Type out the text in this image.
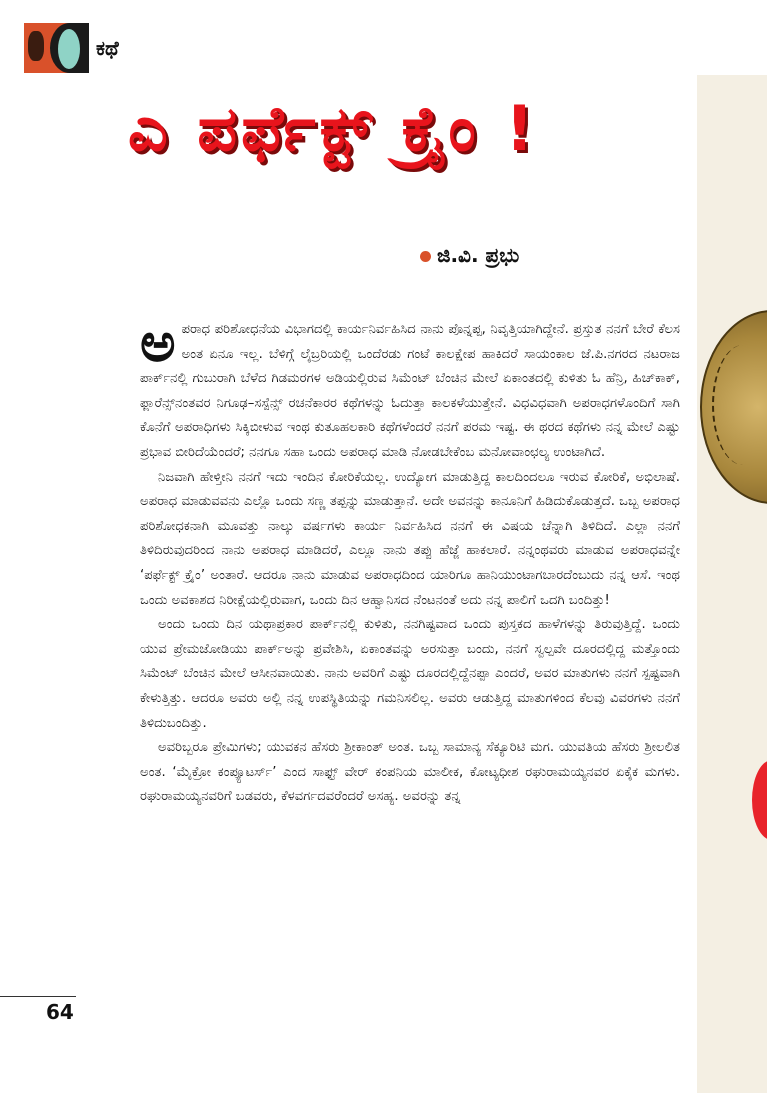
ಕಥೆ
ಎ ಪರ್ಫೆಕ್ಟ್ ಕ್ರೈಂ !
ಜಿ.ವಿ. ಪ್ರಭು

ಅಪರಾಧ ಪರಿಶೋಧನೆಯ ವಿಭಾಗದಲ್ಲಿ ಕಾರ್ಯನಿರ್ವಹಿಸಿದ ನಾನು ಪೊನ್ನಪ್ಪ, ನಿವೃತ್ತಿಯಾಗಿದ್ದೇನೆ. ಪ್ರಸ್ತುತ ನನಗೆ ಬೇರೆ ಕೆಲಸ ಅಂತ ಏನೂ ಇಲ್ಲ. ಬೆಳಿಗ್ಗೆ ಲೈಬ್ರರಿಯಲ್ಲಿ ಒಂದೆರಡು ಗಂಟೆ ಕಾಲಕ್ಷೇಪ ಹಾಕಿದರೆ ಸಾಯಂಕಾಲ ಜೆ.ಪಿ.ನಗರದ ನಟರಾಜ ಪಾರ್ಕ್‌ನಲ್ಲಿ ಗುಬುರಾಗಿ ಬೆಳೆದ ಗಿಡಮರಗಳ ಅಡಿಯಲ್ಲಿರುವ ಸಿಮೆಂಟ್ ಬೆಂಚಿನ ಮೇಲೆ ಏಕಾಂತದಲ್ಲಿ ಕುಳಿತು ಓ ಹೆನ್ರಿ, ಹಿಚ್‌ಕಾಕ್, ಫ್ಲಾರೆನ್ಸ್‌ನಂತವರ ನಿಗೂಢ–ಸಸ್ಪೆನ್ಸ್ ರಚನೆಕಾರರ ಕಥೆಗಳನ್ನು ಓದುತ್ತಾ ಕಾಲಕಳೆಯುತ್ತೇನೆ. ವಿಧವಿಧವಾಗಿ ಅಪರಾಧಗಳೊಂದಿಗೆ ಸಾಗಿ ಕೊನೆಗೆ ಅಪರಾಧಿಗಳು ಸಿಕ್ಕಿಬೀಳುವ ಇಂಥ ಕುತೂಹಲಕಾರಿ ಕಥೆಗಳೆಂದರೆ ನನಗೆ ಪರಮ ಇಷ್ಟ. ಈ ಥರದ ಕಥೆಗಳು ನನ್ನ ಮೇಲೆ ಎಷ್ಟು ಪ್ರಭಾವ ಬೀರಿದೆಯೆಂದರೆ; ನನಗೂ ಸಹಾ ಒಂದು ಅಪರಾಧ ಮಾಡಿ ನೋಡಬೇಕೆಂಬ ಮನೋವಾಂಛಲ್ಯ ಉಂಟಾಗಿದೆ.

ನಿಜವಾಗಿ ಹೇಳ್ತೀನಿ ನನಗೆ ಇದು ಇಂದಿನ ಕೋರಿಕೆಯಲ್ಲ. ಉದ್ಯೋಗ ಮಾಡುತ್ತಿದ್ದ ಕಾಲದಿಂದಲೂ ಇರುವ ಕೋರಿಕೆ, ಅಭಿಲಾಷೆ. ಅಪರಾಧ ಮಾಡುವವನು ಎಲ್ಲೊ ಒಂದು ಸಣ್ಣ ತಪ್ಪನ್ನು ಮಾಡುತ್ತಾನೆ. ಅದೇ ಅವನನ್ನು ಕಾನೂನಿಗೆ ಹಿಡಿದುಕೊಡುತ್ತದೆ. ಒಬ್ಬ ಅಪರಾಧ ಪರಿಶೋಧಕನಾಗಿ ಮೂವತ್ತು ನಾಲ್ಕು ವರ್ಷಗಳು ಕಾರ್ಯ ನಿರ್ವಹಿಸಿದ ನನಗೆ ಈ ವಿಷಯ ಚೆನ್ನಾಗಿ ತಿಳಿದಿದೆ. ಎಲ್ಲಾ ನನಗೆ ತಿಳಿದಿರುವುದರಿಂದ ನಾನು ಅಪರಾಧ ಮಾಡಿದರೆ, ಎಲ್ಲೂ ನಾನು ತಪ್ಪು ಹೆಜ್ಜೆ ಹಾಕಲಾರೆ. ನನ್ನಂಥವರು ಮಾಡುವ ಅಪರಾಧವನ್ನೇ ‘ಪರ್ಫೆಕ್ಟ್ ಕ್ರೈಂ’ ಅಂತಾರೆ. ಆದರೂ ನಾನು ಮಾಡುವ ಅಪರಾಧದಿಂದ ಯಾರಿಗೂ ಹಾನಿಯುಂಟಾಗಬಾರದೆಂಬುದು ನನ್ನ ಆಸೆ. ಇಂಥ ಒಂದು ಅವಕಾಶದ ನಿರೀಕ್ಷೆಯಲ್ಲಿರುವಾಗ, ಒಂದು ದಿನ ಆಹ್ವಾನಿಸದ ನೆಂಟನಂತೆ ಅದು ನನ್ನ ಪಾಲಿಗೆ ಒದಗಿ ಬಂದಿತ್ತು!

ಅಂದು ಒಂದು ದಿನ ಯಥಾಪ್ರಕಾರ ಪಾರ್ಕ್‌ನಲ್ಲಿ ಕುಳಿತು, ನನಗಿಷ್ಟವಾದ ಒಂದು ಪುಸ್ತಕದ ಹಾಳೆಗಳನ್ನು ತಿರುವುತ್ತಿದ್ದೆ. ಒಂದು ಯುವ ಪ್ರೇಮಜೋಡಿಯು ಪಾರ್ಕ್‌ಅನ್ನು ಪ್ರವೇಶಿಸಿ, ಏಕಾಂತವನ್ನು ಅರಸುತ್ತಾ ಬಂದು, ನನಗೆ ಸ್ವಲ್ಪವೇ ದೂರದಲ್ಲಿದ್ದ ಮತ್ತೊಂದು ಸಿಮೆಂಟ್ ಬೆಂಚಿನ ಮೇಲೆ ಆಸೀನವಾಯಿತು. ನಾನು ಅವರಿಗೆ ಎಷ್ಟು ದೂರದಲ್ಲಿದ್ದೆನಪ್ಪಾ ಎಂದರೆ, ಅವರ ಮಾತುಗಳು ನನಗೆ ಸ್ಪಷ್ಟವಾಗಿ ಕೇಳುತ್ತಿತ್ತು. ಆದರೂ ಅವರು ಅಲ್ಲಿ ನನ್ನ ಉಪಸ್ಥಿತಿಯನ್ನು ಗಮನಿಸಲಿಲ್ಲ. ಅವರು ಆಡುತ್ತಿದ್ದ ಮಾತುಗಳಿಂದ ಕೆಲವು ವಿವರಗಳು ನನಗೆ ತಿಳಿದುಬಂದಿತ್ತು.

ಅವರಿಬ್ಬರೂ ಪ್ರೇಮಿಗಳು; ಯುವಕನ ಹೆಸರು ಶ್ರೀಕಾಂತ್ ಅಂತ. ಒಬ್ಬ ಸಾಮಾನ್ಯ ಸೆಕ್ಯೂರಿಟಿ ಮಗ. ಯುವತಿಯ ಹೆಸರು ಶ್ರೀಲಲಿತ ಅಂತ. ‘ಮೈಕ್ರೋ ಕಂಪ್ಯೂಟರ್ಸ್’ ಎಂದ ಸಾಫ್ಟ್ ವೇರ್ ಕಂಪನಿಯ ಮಾಲೀಕ, ಕೋಟ್ಯಧೀಶ ರಘುರಾಮಯ್ಯನವರ ಏಕೈಕ ಮಗಳು. ರಘುರಾಮಯ್ಯನವರಿಗೆ ಬಡವರು, ಕೆಳವರ್ಗದವರೆಂದರೆ ಅಸಹ್ಯ. ಅವರನ್ನು ತನ್ನ

64
